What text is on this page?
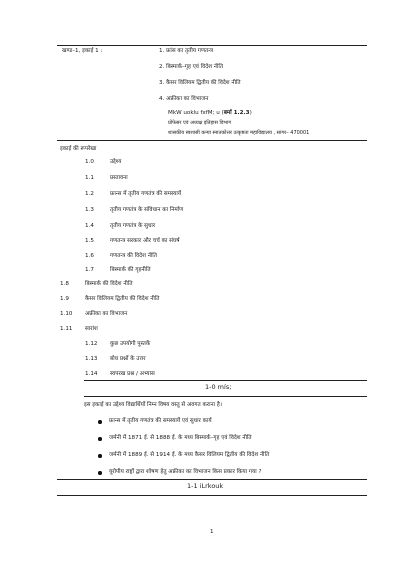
खण्ड–1, इकाई 1 :	1. फ्रांस का तृतीय गणतन्त्र
2. बिस्मार्क–गृह एवं विदेश नीति
3. कैसर विलियम द्वितीय की विदेश नीति
4. अफ्रीका का विभाजन
MkW uoklu fxfM; u (बर्मा 1.2.3)
प्रोफेसर एवं अध्यक्ष इतिहास विभाग
शासकीय स्वशासी कन्या स्नातकोत्तर उत्कृष्टता महाविद्यालय , सागर– 470001
इकाई की रूपरेखा
1.0	उद्देश्य
1.1	प्रस्तावना
1.2	फ्रान्स में तृतीय गणतंत्र की समस्यायें
1.3	तृतीय गणतंत्र के संविधान का निर्माण
1.4	तृतीय गणतंत्र के सुधार
1.5	गणतन्त्र सरकार और चर्च का संघर्ष
1.6	गणतन्त्र की विदेश नीति
1.7	बिस्मार्क की गृहनीति
1.8	बिस्मार्क की विदेश नीति
1.9	कैसर विलियम द्वितीय की विदेश नीति
1.10 अफ्रीका का विभाजन
1.11 सारांश
1.12 कुछ उपयोगी पुस्तकें
1.13 बोध प्रश्नों के उत्तर
1.14 स्वपरख प्रश्न / अभ्यास
1-0 mís;
इस इकाई का उद्देश्य विद्यार्थियों निम्न विषय वस्तु से अवगत कराना है।
फ्रान्स में तृतीय गणतंत्र की समस्यायें एवं सुधार कार्य
जर्मनी में 1871 ई. से 1888 ई. के मध्य बिस्मार्क–गृह एवं विदेश नीति
जर्मनी में 1889 ई. से 1914 ई. के मध्य कैसर विलियम द्वितीय की विदेश नीति
यूरोपीय राष्ट्रों द्वारा शोषण हेतु अफ्रीका का विभाजन किस प्रकार किया गया ?
1-1 iLrkouk
1
